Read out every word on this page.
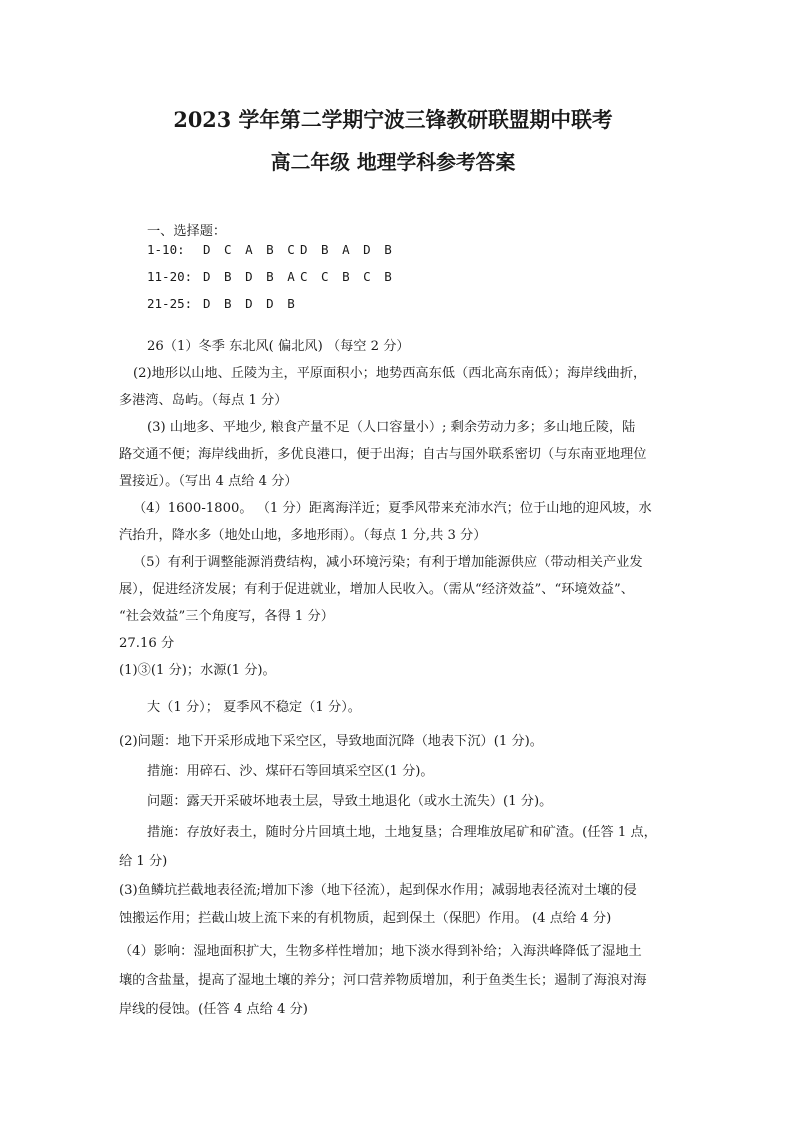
2023 学年第二学期宁波三锋教研联盟期中联考
高二年级 地理学科参考答案
一、选择题：
1-10: D C A B C D B A D B
11-20: D B D B A C C B C B
21-25: D B D D B
26（1）冬季 东北风( 偏北风) （每空 2 分）
(2)地形以山地、丘陵为主，平原面积小；地势西高东低（西北高东南低）；海岸线曲折，
多港湾、岛屿。（每点 1 分）
(3) 山地多、平地少, 粮食产量不足（人口容量小）; 剩余劳动力多；多山地丘陵，陆
路交通不便；海岸线曲折，多优良港口，便于出海；自古与国外联系密切（与东南亚地理位
置接近）。（写出 4 点给 4 分）
（4）1600-1800。 （1 分）距离海洋近；夏季风带来充沛水汽；位于山地的迎风坡，水
汽抬升，降水多（地处山地，多地形雨）。（每点 1 分,共 3 分）
（5）有利于调整能源消费结构，减小环境污染；有利于增加能源供应（带动相关产业发
展），促进经济发展；有利于促进就业，增加人民收入。（需从“经济效益”、“环境效益”、
“社会效益”三个角度写，各得 1 分）
27.16 分
(1)③(1 分)；水源(1 分)。
大（1 分）； 夏季风不稳定（1 分）。
(2)问题：地下开采形成地下采空区，导致地面沉降（地表下沉）(1 分)。
措施：用碎石、沙、煤矸石等回填采空区(1 分)。
问题：露天开采破坏地表土层，导致土地退化（或水土流失）(1 分)。
措施：存放好表土，随时分片回填土地，土地复垦；合理堆放尾矿和矿渣。(任答 1 点，
给 1 分)
(3)鱼鳞坑拦截地表径流;增加下渗（地下径流），起到保水作用；减弱地表径流对土壤的侵
蚀搬运作用；拦截山坡上流下来的有机物质，起到保土（保肥）作用。 (4 点给 4 分)
（4）影响：湿地面积扩大，生物多样性增加；地下淡水得到补给；入海洪峰降低了湿地土
壤的含盐量，提高了湿地土壤的养分；河口营养物质增加，利于鱼类生长；遏制了海浪对海
岸线的侵蚀。(任答 4 点给 4 分)
